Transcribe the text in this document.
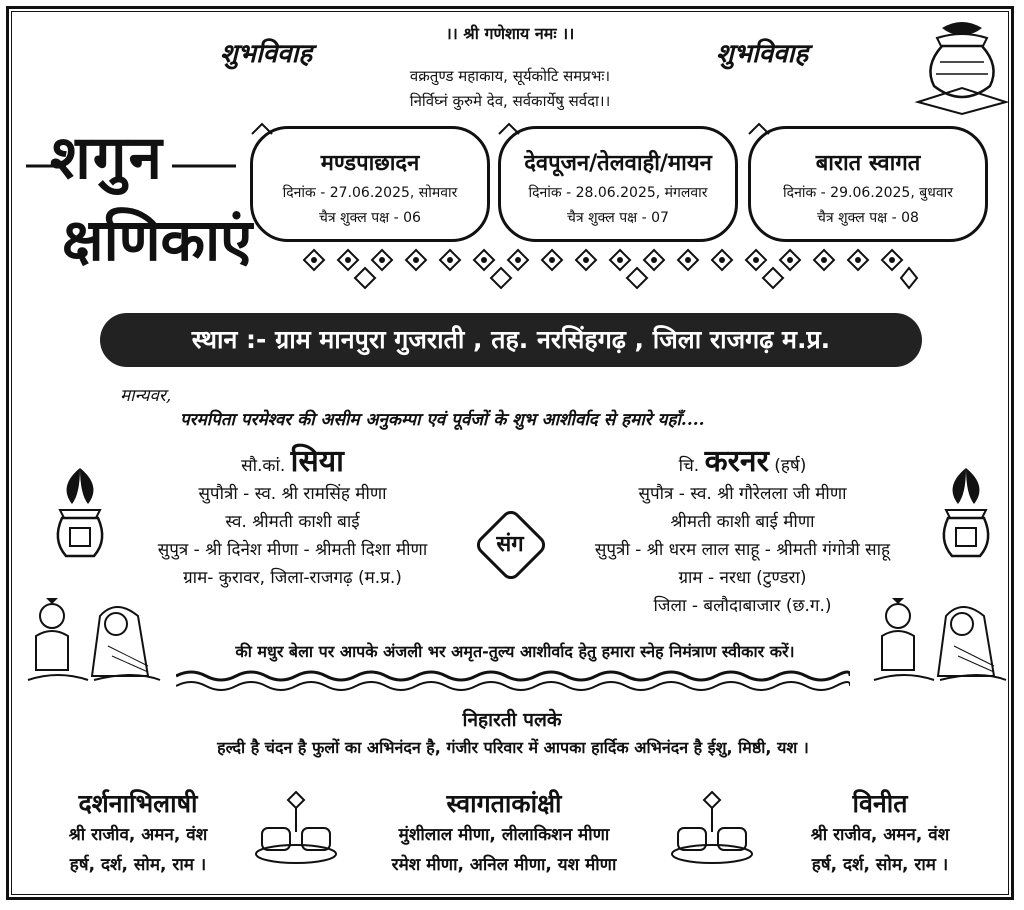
।। श्री गणेशाय नमः ।।
वक्रतुण्ड महाकाय, सूर्यकोटि समप्रभः।
निर्विघ्नं कुरुमे देव, सर्वकार्येषु सर्वदा।।
शुभविवाह	शुभविवाह
शगुन
क्षणिकाएं
मण्डपाछादन
दिनांक - 27.06.2025, सोमवार
चैत्र शुक्ल पक्ष - 06
देवपूजन/तेलवाही/मायन
दिनांक - 28.06.2025, मंगलवार
चैत्र शुक्ल पक्ष - 07
बारात स्वागत
दिनांक - 29.06.2025, बुधवार
चैत्र शुक्ल पक्ष - 08
स्थान :- ग्राम मानपुरा गुजराती , तह. नरसिंहगढ़ , जिला राजगढ़ म.प्र.
मान्यवर,
परमपिता परमेश्वर की असीम अनुकम्पा एवं पूर्वजों के शुभ आशीर्वाद से हमारे यहाँ....
सौ.कां. सिया
सुपौत्री - स्व. श्री रामसिंह मीणा
स्व. श्रीमती काशी बाई
सुपुत्र - श्री दिनेश मीणा - श्रीमती दिशा मीणा
ग्राम- कुरावर, जिला-राजगढ़ (म.प्र.)
संग
चि. करनर (हर्ष)
सुपौत्र - स्व. श्री गौरेलला जी मीणा
श्रीमती काशी बाई मीणा
सुपुत्री - श्री धरम लाल साहू - श्रीमती गंगोत्री साहू
ग्राम - नरधा (टुण्डरा)
जिला - बलौदाबाजार (छ.ग.)
की मधुर बेला पर आपके अंजली भर अमृत-तुल्य आशीर्वाद हेतु हमारा स्नेह निमंत्राण स्वीकार करें।
निहारती पलके
हल्दी है चंदन है फुलों का अभिनंदन है, गंजीर परिवार में आपका हार्दिक अभिनंदन है ईशु, मिष्ठी, यश ।
दर्शनाभिलाषी
श्री राजीव, अमन, वंश
हर्ष, दर्श, सोम, राम ।
स्वागताकांक्षी
मुंशीलाल मीणा, लीलाकिशन मीणा
रमेश मीणा, अनिल मीणा, यश मीणा
विनीत
श्री राजीव, अमन, वंश
हर्ष, दर्श, सोम, राम ।
